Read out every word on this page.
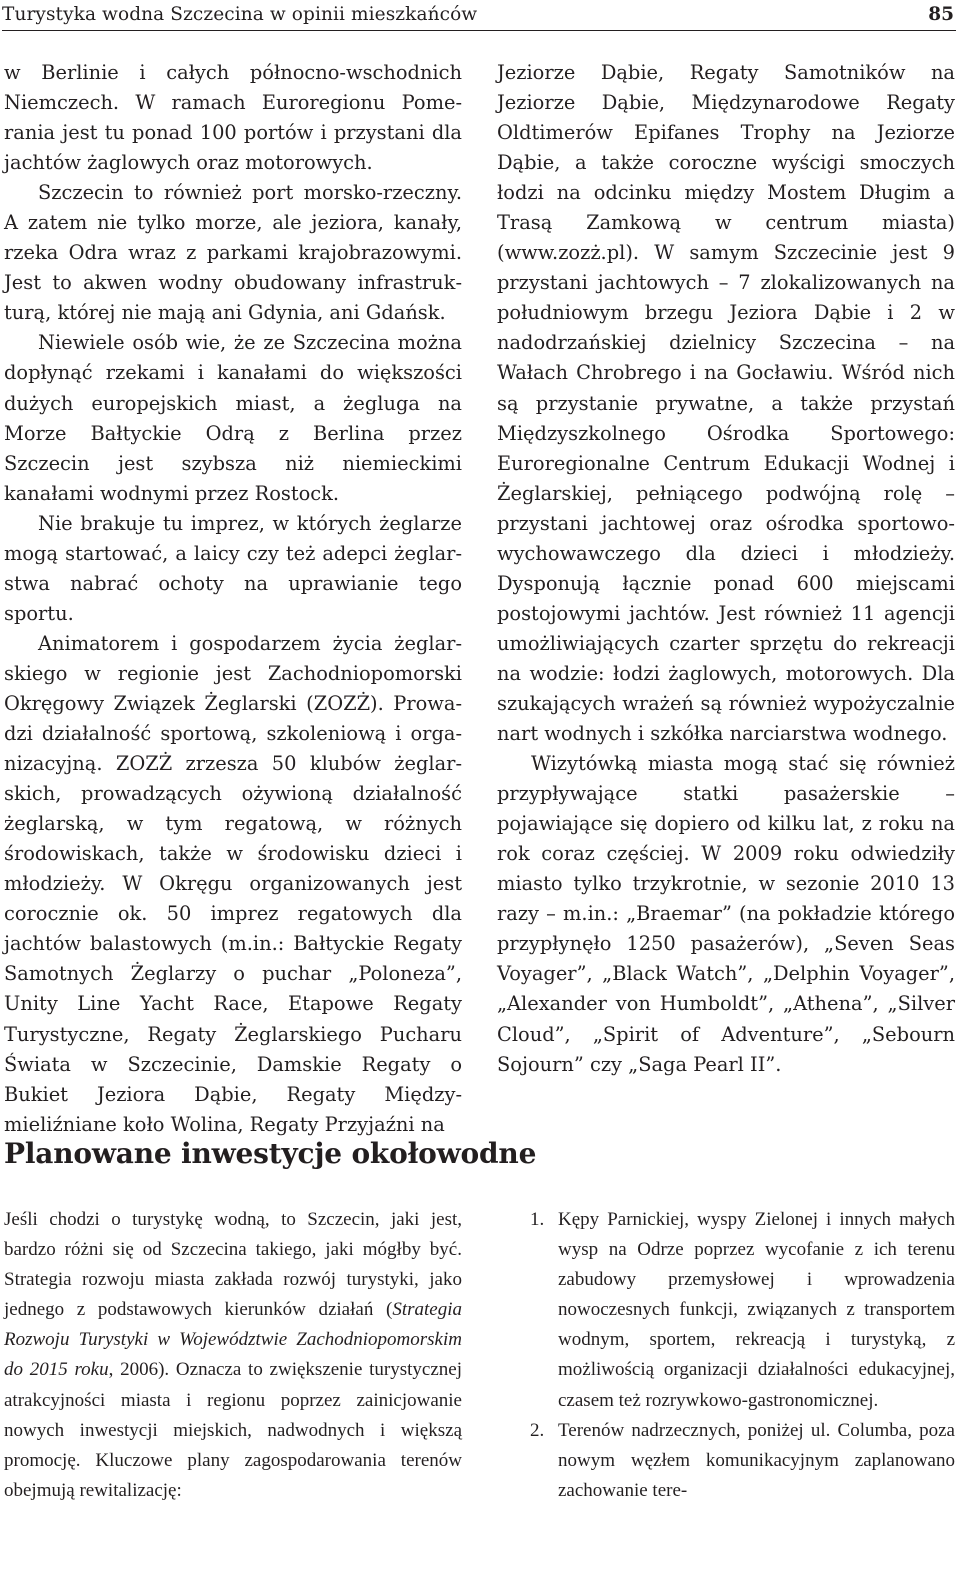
Turystyka wodna Szczecina w opinii mieszkańców	85

w Berlinie i całych północno-wschodnich Niemczech. W ramach Euroregionu Pomerania jest tu ponad 100 portów i przystani dla jachtów żaglowych oraz motorowych.

Szczecin to również port morsko-rzeczny. A zatem nie tylko morze, ale jeziora, kanały, rzeka Odra wraz z parkami krajobrazowymi. Jest to akwen wodny obudowany infrastrukturą, której nie mają ani Gdynia, ani Gdańsk.

Niewiele osób wie, że ze Szczecina można dopłynąć rzekami i kanałami do większości dużych europejskich miast, a żegluga na Morze Bałtyckie Odrą z Berlina przez Szczecin jest szybsza niż niemieckimi kanałami wodnymi przez Rostock.

Nie brakuje tu imprez, w których żeglarze mogą startować, a laicy czy też adepci żeglarstwa nabrać ochoty na uprawianie tego sportu.

Animatorem i gospodarzem życia żeglarskiego w regionie jest Zachodniopomorski Okręgowy Związek Żeglarski (ZOZŻ). Prowadzi działalność sportową, szkoleniową i organizacyjną. ZOZŻ zrzesza 50 klubów żeglarskich, prowadzących ożywioną działalność żeglarską, w tym regatową, w różnych środowiskach, także w środowisku dzieci i młodzieży. W Okręgu organizowanych jest corocznie ok. 50 imprez regatowych dla jachtów balastowych (m.in.: Bałtyckie Regaty Samotnych Żeglarzy o puchar „Poloneza”, Unity Line Yacht Race, Etapowe Regaty Turystyczne, Regaty Żeglarskiego Pucharu Świata w Szczecinie, Damskie Regaty o Bukiet Jeziora Dąbie, Regaty Międzymieliźniane koło Wolina, Regaty Przyjaźni na

Jeziorze Dąbie, Regaty Samotników na Jeziorze Dąbie, Międzynarodowe Regaty Oldtimerów Epifanes Trophy na Jeziorze Dąbie, a także coroczne wyścigi smoczych łodzi na odcinku między Mostem Długim a Trasą Zamkową w centrum miasta) (www.zozż.pl). W samym Szczecinie jest 9 przystani jachtowych – 7 zlokalizowanych na południowym brzegu Jeziora Dąbie i 2 w nadodrzańskiej dzielnicy Szczecina – na Wałach Chrobrego i na Gocławiu. Wśród nich są przystanie prywatne, a także przystań Międzyszkolnego Ośrodka Sportowego: Euroregionalne Centrum Edukacji Wodnej i Żeglarskiej, pełniącego podwójną rolę – przystani jachtowej oraz ośrodka sportowo-wychowawczego dla dzieci i młodzieży. Dysponują łącznie ponad 600 miejscami postojowymi jachtów. Jest również 11 agencji umożliwiających czarter sprzętu do rekreacji na wodzie: łodzi żaglowych, motorowych. Dla szukających wrażeń są również wypożyczalnie nart wodnych i szkółka narciarstwa wodnego.

Wizytówką miasta mogą stać się również przypływające statki pasażerskie – pojawiające się dopiero od kilku lat, z roku na rok coraz częściej. W 2009 roku odwiedziły miasto tylko trzykrotnie, w sezonie 2010 13 razy – m.in.: „Braemar” (na pokładzie którego przypłynęło 1250 pasażerów), „Seven Seas Voyager”, „Black Watch”, „Delphin Voyager”, „Alexander von Humboldt”, „Athena”, „Silver Cloud”, „Spirit of Adventure”, „Sebourn Sojourn” czy „Saga Pearl II”.

Planowane inwestycje okołowodne

Jeśli chodzi o turystykę wodną, to Szczecin, jaki jest, bardzo różni się od Szczecina takiego, jaki mógłby być. Strategia rozwoju miasta zakłada rozwój turystyki, jako jednego z podstawowych kierunków działań (Strategia Rozwoju Turystyki w Województwie Zachodniopomorskim do 2015 roku, 2006). Oznacza to zwiększenie turystycznej atrakcyjności miasta i regionu poprzez zainicjowanie nowych inwestycji miejskich, nadwodnych i większą promocję. Kluczowe plany zagospodarowania terenów obejmują rewitalizację:

1. Kępy Parnickiej, wyspy Zielonej i innych małych wysp na Odrze poprzez wycofanie z ich terenu zabudowy przemysłowej i wprowadzenia nowoczesnych funkcji, związanych z transportem wodnym, sportem, rekreacją i turystyką, z możliwością organizacji działalności edukacyjnej, czasem też rozrywkowo-gastronomicznej.
2. Terenów nadrzecznych, poniżej ul. Columba, poza nowym węzłem komunikacyjnym zaplanowano zachowanie tere-
